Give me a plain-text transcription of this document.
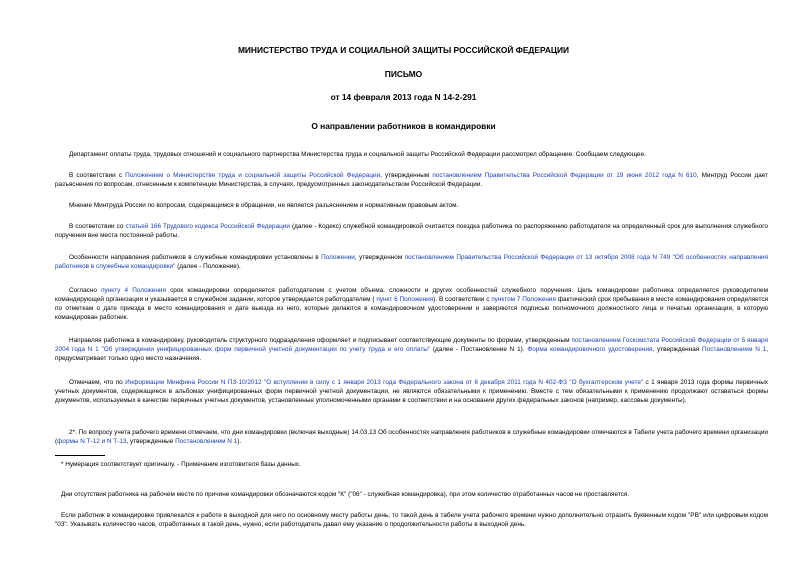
МИНИСТЕРСТВО ТРУДА И СОЦИАЛЬНОЙ ЗАЩИТЫ РОССИЙСКОЙ ФЕДЕРАЦИИ
ПИСЬМО
от 14 февраля 2013 года N 14-2-291
О направлении работников в командировки

Департамент оплаты труда, трудовых отношений и социального партнерства Министерства труда и социальной защиты Российской Федерации рассмотрел обращение. Сообщаем следующее.

В соответствии с Положением о Министерстве труда и социальной защиты Российской Федерации, утвержденным постановлением Правительства Российской Федерации от 19 июня 2012 года N 610, Минтруд России дает разъяснения по вопросам, отнесенным к компетенции Министерства, в случаях, предусмотренных законодательством Российской Федерации.

Мнение Минтруда России по вопросам, содержащимся в обращении, не является разъяснением и нормативным правовым актом.

В соответствии со статьей 166 Трудового кодекса Российской Федерации (далее - Кодекс) служебной командировкой считается поездка работника по распоряжению работодателя на определенный срок для выполнения служебного поручения вне места постоянной работы.

Особенности направления работников в служебные командировки установлены в Положении, утвержденном постановлением Правительства Российской Федерации от 13 октября 2008 года N 749 "Об особенностях направления работников в служебные командировки" (далее - Положение).

Согласно пункту 4 Положения срок командировки определяется работодателем с учетом объема, сложности и других особенностей служебного поручения. Цель командировки работника определяется руководителем командирующей организации и указывается в служебном задании, которое утверждается работодателем ( пункт 6 Положения). В соответствии с пунктом 7 Положения фактический срок пребывания в месте командирования определяется по отметкам о дате приезда в место командирования и дате выезда из него, которые делаются в командировочном удостоверении и заверяются подписью полномочного должностного лица и печатью организации, в которую командирован работник.

Направляя работника в командировку, руководитель структурного подразделения оформляет и подписывает соответствующие документы по формам, утвержденным постановлением Госкомстата Российской Федерации от 5 января 2004 года N 1 "Об утверждении унифицированных форм первичной учетной документации по учету труда и его оплаты" (далее - Постановление N 1). Форма командировочного удостоверения, утвержденная Постановлением N 1, предусматривает только одно место назначения.

Отмечаем, что по Информации Минфина России N ПЗ-10/2012 "О вступлении в силу с 1 января 2013 года Федерального закона от 6 декабря 2011 года N 402-ФЗ "О бухгалтерском учете" с 1 января 2013 года формы первичных учетных документов, содержащиеся в альбомах унифицированных форм первичной учетной документации, не являются обязательными к применению. Вместе с тем обязательными к применению продолжают оставаться формы документов, используемых в качестве первичных учетных документов, установленные уполномоченными органами в соответствии и на основании других федеральных законов (например, кассовые документы).

2*. По вопросу учета рабочего времени отмечаем, что дни командировки (включая выходные) 14.03.13 Об особенностях направления работников в служебные командировки отмечаются в Табеле учета рабочего времени организации (формы N Т-12 и N Т-13, утвержденные Постановлением N 1).

* Нумерация соответствует оригиналу. - Примечание изготовителя базы данных.

Дни отсутствия работника на рабочем месте по причине командировки обозначаются кодом "К" ("06" - служебная командировка), при этом количество отработанных часов не проставляется.

Если работник в командировке привлекался к работе в выходной для него по основному месту работы день, то такой день в табеле учета рабочего времени нужно дополнительно отразить буквенным кодом "РВ" или цифровым кодом "03". Указывать количество часов, отработанных в такой день, нужно, если работодатель давал ему указание о продолжительности работы в выходной день.
